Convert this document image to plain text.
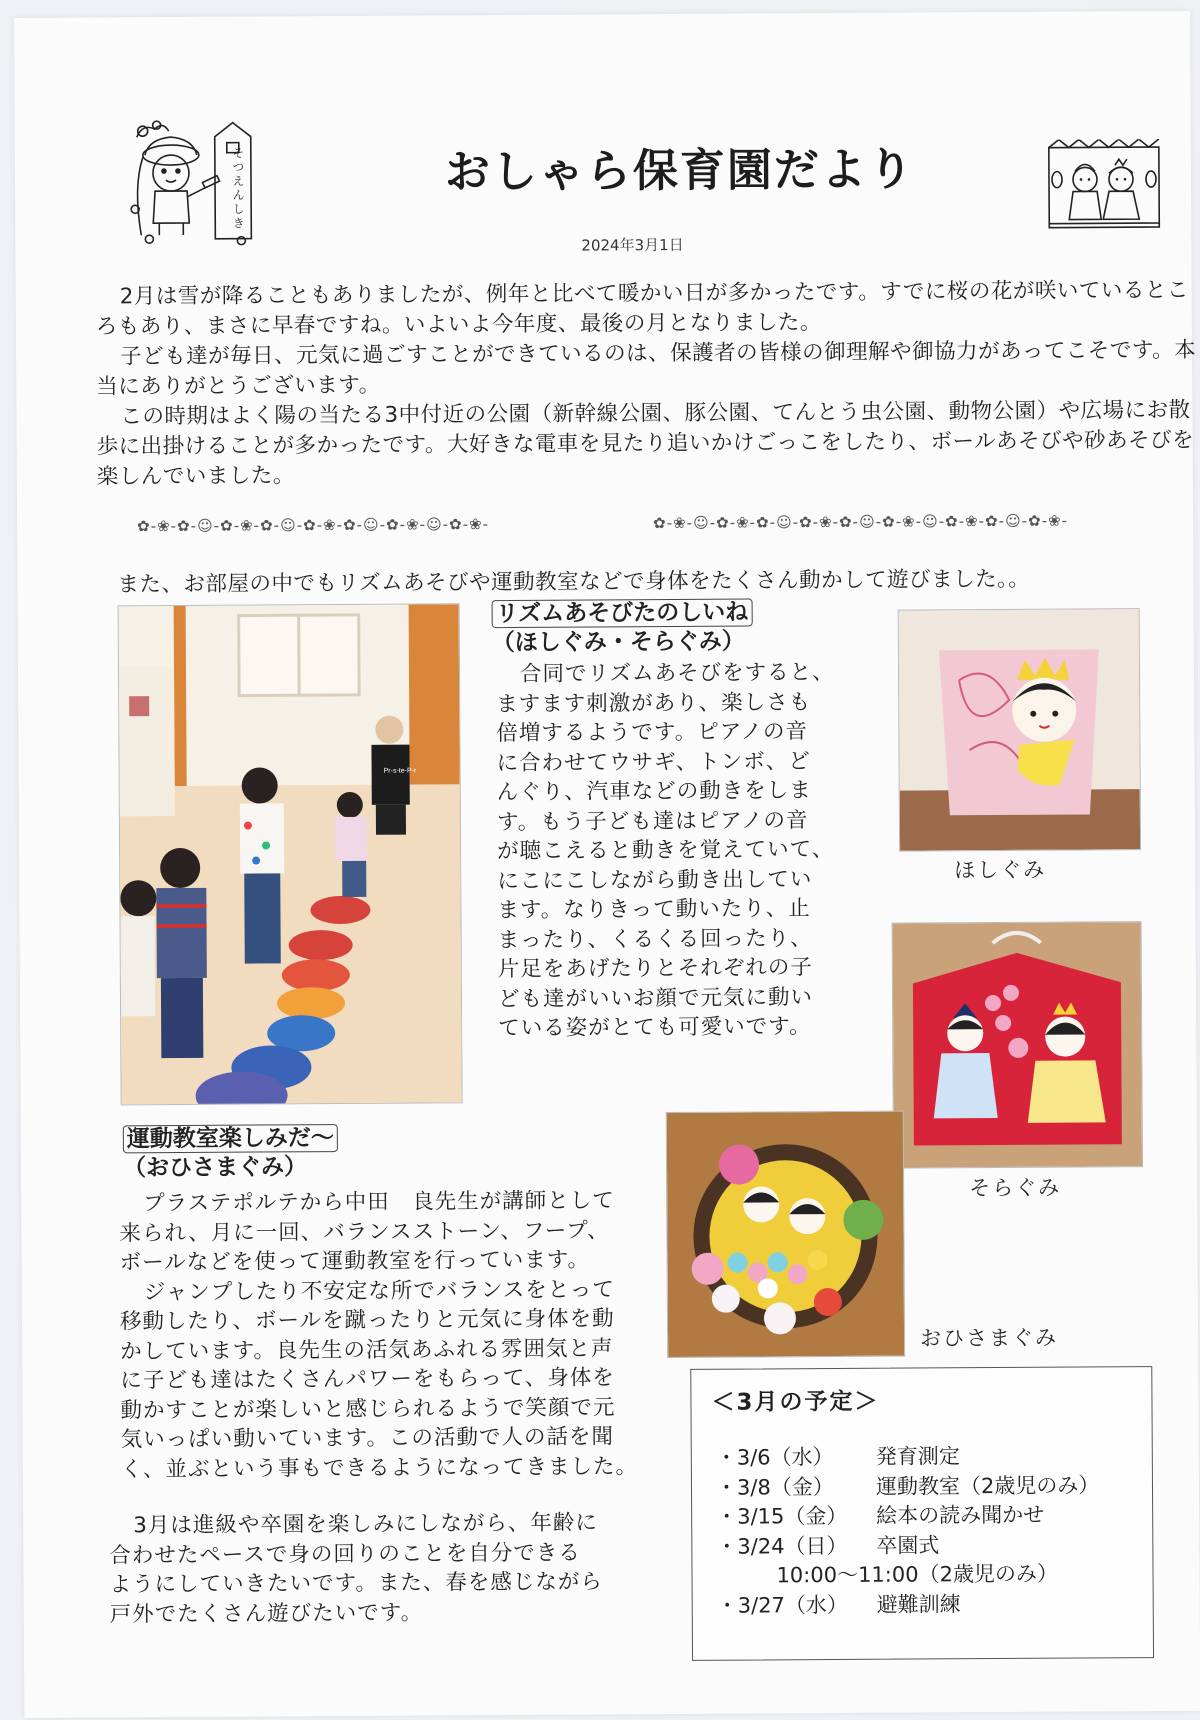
そつえんしき	おしゃら保育園だより
2024年3月1日

2月は雪が降ることもありましたが、例年と比べて暖かい日が多かったです。すでに桜の花が咲いているところもあり、まさに早春ですね。いよいよ今年度、最後の月となりました。

子ども達が毎日、元気に過ごすことができているのは、保護者の皆様の御理解や御協力があってこそです。本当にありがとうございます。

この時期はよく陽の当たる3中付近の公園（新幹線公園、豚公園、てんとう虫公園、動物公園）や広場にお散歩に出掛けることが多かったです。大好きな電車を見たり追いかけごっこをしたり、ボールあそびや砂あそびを楽しんでいました。

✿-❀-✿-☺-✿-❀-✿-☺-✿-❀-✿-☺-✿-❀-☺-✿-❀-	✿-❀-☺-✿-❀-✿-☺-✿-❀-✿-☺-✿-❀-☺-✿-❀-✿-☺-✿-❀-
また、お部屋の中でもリズムあそびや運動教室などで身体をたくさん動かして遊びました。。
Pr-s-te-P-r
リズムあそびたのしいね
（ほしぐみ・そらぐみ）

合同でリズムあそびをすると、

ますます刺激があり、楽しさも

倍増するようです。ピアノの音

に合わせてウサギ、トンボ、ど

んぐり、汽車などの動きをしま

す。もう子ども達はピアノの音

が聴こえると動きを覚えていて、

にこにこしながら動き出してい

ます。なりきって動いたり、止

まったり、くるくる回ったり、

片足をあげたりとそれぞれの子

ども達がいいお顔で元気に動い

ている姿がとても可愛いです。

ほしぐみ
そらぐみ
運動教室楽しみだ～
（おひさまぐみ）

プラステポルテから中田　良先生が講師として

来られ、月に一回、バランスストーン、フープ、

ボールなどを使って運動教室を行っています。

ジャンプしたり不安定な所でバランスをとって

移動したり、ボールを蹴ったりと元気に身体を動

かしています。良先生の活気あふれる雰囲気と声

に子ども達はたくさんパワーをもらって、身体を

動かすことが楽しいと感じられるようで笑顔で元

気いっぱい動いています。この活動で人の話を聞

く、並ぶという事もできるようになってきました。

3月は進級や卒園を楽しみにしながら、年齢に

合わせたペースで身の回りのことを自分できる

ようにしていきたいです。また、春を感じながら

戸外でたくさん遊びたいです。

おひさまぐみ
＜3月の予定＞
・3/6（水） 発育測定
・3/8（金） 運動教室（2歳児のみ）
・3/15（金） 絵本の読み聞かせ
・3/24（日） 卒園式
10:00～11:00（2歳児のみ）
・3/27（水） 避難訓練
